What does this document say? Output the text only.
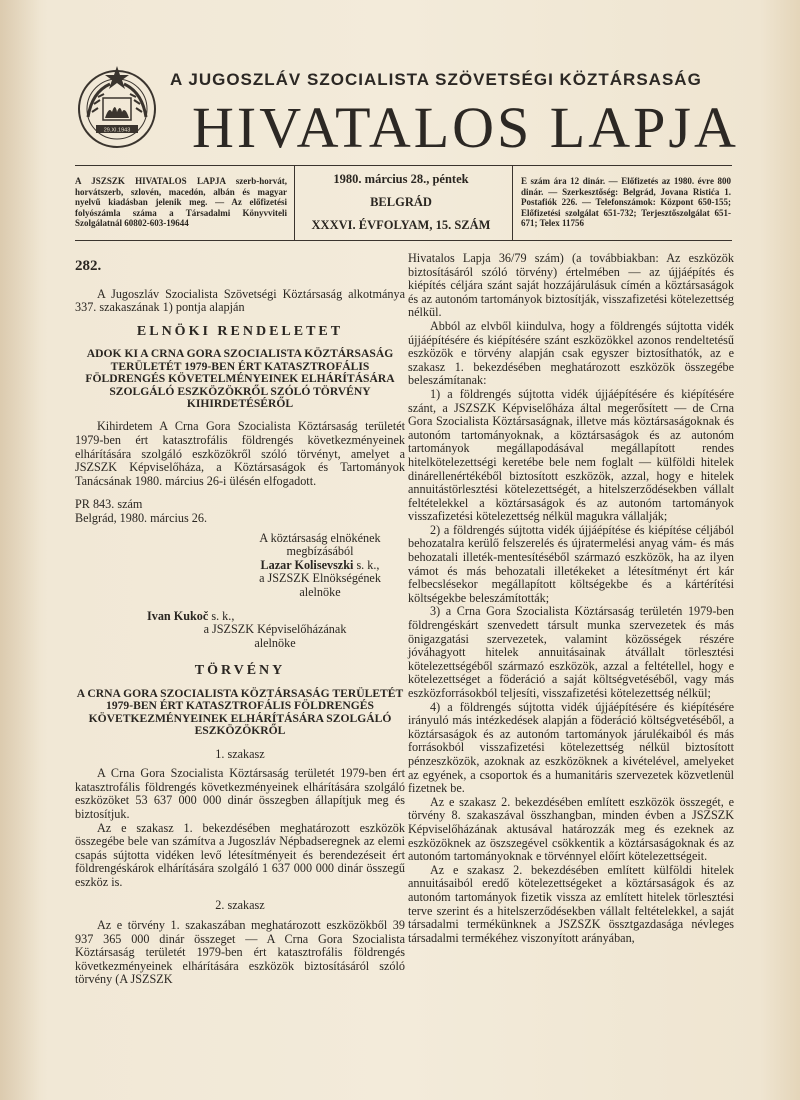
29.XI.1943
A JUGOSZLÁV SZOCIALISTA SZÖVETSÉGI KÖZTÁRSASÁG
HIVATALOS LAPJA
A JSZSZK HIVATALOS LAPJA szerb-horvát, horvátszerb, szlovén, macedón, albán és magyar nyelvű kiadásban jelenik meg. — Az előfizetési folyószámla száma a Társadalmi Könyvviteli Szolgálatnál 60802-603-19644
1980. március 28., péntek
BELGRÁD
XXXVI. ÉVFOLYAM, 15. SZÁM
E szám ára 12 dinár. — Előfizetés az 1980. évre 800 dinár. — Szerkesztőség: Belgrád, Jovana Ristića 1. Postafiók 226. — Telefonszámok: Központ 650-155; Előfizetési szolgálat 651-732; Terjesztőszolgálat 651-671; Telex 11756

282.

A Jugoszláv Szocialista Szövetségi Köztársaság alkotmánya 337. szakaszának 1) pontja alapján

ELNÖKI RENDELETET

ADOK KI A CRNA GORA SZOCIALISTA KÖZTÁRSASÁG TERÜLETÉT 1979-BEN ÉRT KATASZTROFÁLIS FÖLDRENGÉS KÖVETELMÉNYEINEK ELHÁRÍTÁSÁRA SZOLGÁLÓ ESZKÖZÖKRŐL SZÓLÓ TÖRVÉNY KIHIRDETÉSÉRŐL

Kihirdetem A Crna Gora Szocialista Köztársaság területét 1979-ben ért katasztrofális földrengés következményeinek elhárítására szolgáló eszközökről szóló törvényt, amelyet a JSZSZK Képviselőháza, a Köztársaságok és Tartományok Tanácsának 1980. március 26-i ülésén elfogadott.

PR 843. szám

Belgrád, 1980. március 26.

A köztársaság elnökének

megbízásából

Lazar Kolisevszki s. k.,

a JSZSZK Elnökségének

alelnöke

Ivan Kukoč s. k.,

a JSZSZK Képviselőházának

alelnöke

TÖRVÉNY

A CRNA GORA SZOCIALISTA KÖZTÁRSASÁG TERÜLETÉT 1979-BEN ÉRT KATASZTROFÁLIS FÖLDRENGÉS KÖVETKEZMÉNYEINEK ELHÁRÍTÁSÁRA SZOLGÁLÓ ESZKÖZÖKRŐL

1. szakasz

A Crna Gora Szocialista Köztársaság területét 1979-ben ért katasztrofális földrengés következményeinek elhárítására szolgáló eszközöket 53 637 000 000 dinár összegben állapítjuk meg és biztosítjuk.

Az e szakasz 1. bekezdésében meghatározott eszközök összegébe bele van számítva a Jugoszláv Népbadseregnek az elemi csapás sújtotta vidéken levő létesítményeit és berendezéseit ért földrengéskárok elhárítására szolgáló 1 637 000 000 dinár összegű eszköz is.

2. szakasz

Az e törvény 1. szakaszában meghatározott eszközökből 39 937 365 000 dinár összeget — A Crna Gora Szocialista Köztársaság területét 1979-ben ért katasztrofális földrengés következményeinek elhárítására eszközök biztosításáról szóló törvény (A JSZSZK

Hivatalos Lapja 36/79 szám) (a továbbiakban: Az eszközök biztosításáról szóló törvény) értelmében — az újjáépítés és kiépítés céljára szánt saját hozzájárulásuk címén a köztársaságok és az autonóm tartományok biztosítják, visszafizetési kötelezettség nélkül.

Abból az elvből kiindulva, hogy a földrengés sújtotta vidék újjáépítésére és kiépítésére szánt eszközökkel azonos rendeltetésű eszközök e törvény alapján csak egyszer biztosíthatók, az e szakasz 1. bekezdésében meghatározott eszközök összegébe beleszámítanak:

1) a földrengés sújtotta vidék újjáépítésére és kiépítésére szánt, a JSZSZK Képviselőháza által megerősített — de Crna Gora Szocialista Köztársaságnak, illetve más köztársaságoknak és autonóm tartományoknak, a köztársaságok és az autonóm tartományok megállapodásával megállapított rendes hitelkötelezettségi keretébe bele nem foglalt — külföldi hitelek dinárellenértékéből biztosított eszközök, azzal, hogy e hitelek annuitástörlesztési kötelezettségét, a hitelszerződésekben vállalt feltételekkel a köztársaságok és az autonóm tartományok visszafizetési kötelezettség nélkül magukra vállalják;

2) a földrengés sújtotta vidék újjáépítése és kiépítése céljából behozatalra kerülő felszerelés és újratermelési anyag vám- és más behozatali illeték-mentesítéséből származó eszközök, ha az ilyen vámot és más behozatali illetékeket a létesítményt ért kár felbecslésekor megállapított költségekbe és a kártérítési költségekbe beleszámították;

3) a Crna Gora Szocialista Köztársaság területén 1979-ben földrengéskárt szenvedett társult munka szervezetek és más önigazgatási szervezetek, valamint közösségek részére jóváhagyott hitelek annuitásainak átvállalt törlesztési kötelezettségéből származó eszközök, azzal a feltétellel, hogy e kötelezettséget a föderáció a saját költségvetéséből, vagy más eszközforrásokból teljesíti, visszafizetési kötelezettség nélkül;

4) a földrengés sújtotta vidék újjáépítésére és kiépítésére irányuló más intézkedések alapján a föderáció költségvetéséből, a köztársaságok és az autonóm tartományok járulékaiból és más forrásokból visszafizetési kötelezettség nélkül biztosított pénzeszközök, azoknak az eszközöknek a kivételével, amelyeket az egyének, a csoportok és a humanitáris szervezetek közvetlenül fizetnek be.

Az e szakasz 2. bekezdésében említett eszközök összegét, e törvény 8. szakaszával összhangban, minden évben a JSZSZK Képviselőházának aktusával határozzák meg és ezeknek az eszközöknek az öszszegével csökkentik a köztársaságoknak és az autonóm tartományoknak e törvénnyel előírt kötelezettségeit.

Az e szakasz 2. bekezdésében említett külföldi hitelek annuitásaiból eredő kötelezettségeket a köztársaságok és az autonóm tartományok fizetik vissza az említett hitelek törlesztési terve szerint és a hitelszerződésekben vállalt feltételekkel, a saját társadalmi termékünknek a JSZSZK össztgazdasága névleges társadalmi termékéhez viszonyított arányában,
